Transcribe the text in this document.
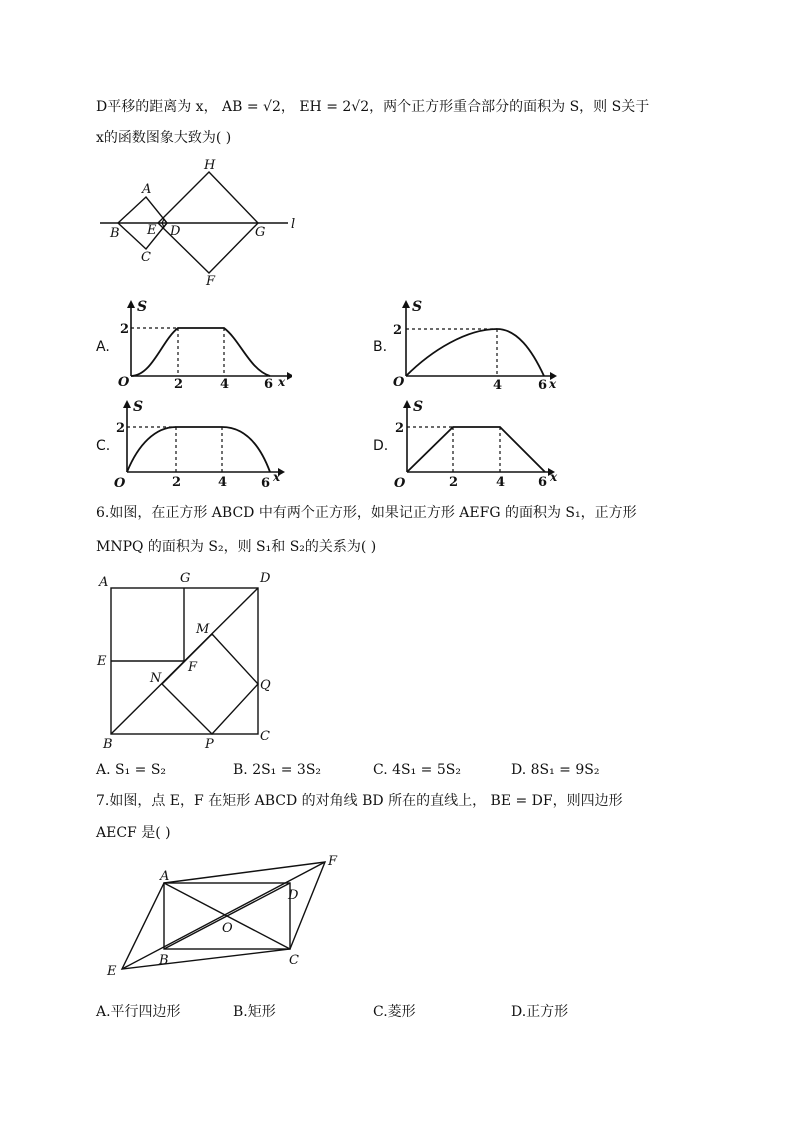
D平移的距离为 x， AB = √2， EH = 2√2，两个正方形重合部分的面积为 S，则 S关于
x的函数图象大致为( )
H
A
B E D	G
l
C
F
A.
S
2
O	2	4	6 x
B.
S
2
O	4	6 x
C.
S
2
O	2	4	6 x
D.
S
2
O	2	4	6 x
6.如图，在正方形 ABCD 中有两个正方形，如果记正方形 AEFG 的面积为 S₁，正方形
MNPQ 的面积为 S₂，则 S₁和 S₂的关系为( )
A	G	D
M
E	F
N	Q
B	P
C
A. S₁ = S₂	B. 2S₁ = 3S₂	C. 4S₁ = 5S₂	D. 8S₁ = 9S₂
7.如图，点 E，F 在矩形 ABCD 的对角线 BD 所在的直线上， BE = DF，则四边形
AECF 是( )
A
F
D
O
B	C
E
A.平行四边形	B.矩形	C.菱形	D.正方形
